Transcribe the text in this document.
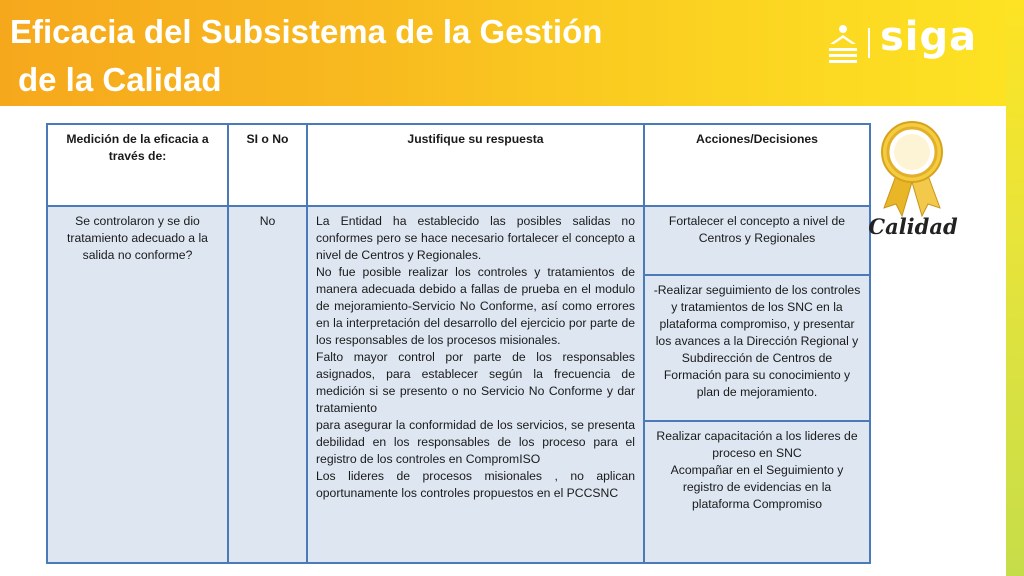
Eficacia del Subsistema de la Gestión
de la Calidad
siga
Medición de la eficacia a través de:	SI o No	Justifique su respuesta	Acciones/Decisiones
Se controlaron y se dio tratamiento adecuado a la salida no conforme?	No	La Entidad ha establecido las posibles salidas no conformes pero se hace necesario fortalecer el concepto a nivel de Centros y Regionales.
No fue posible realizar los controles y tratamientos de manera adecuada debido a fallas de prueba en el modulo de mejoramiento-Servicio No Conforme, así como errores en la interpretación del desarrollo del ejercicio por parte de los responsables de los procesos misionales.
Falto mayor control por parte de los responsables asignados, para establecer según la frecuencia de medición si se presento o no Servicio No Conforme y dar tratamiento
para asegurar la conformidad de los servicios, se presenta debilidad en los responsables de los proceso para el registro de los controles en CompromISO
Los lideres de procesos misionales , no aplican oportunamente los controles propuestos en el PCCSNC	Fortalecer el concepto a nivel de Centros y Regionales
			-Realizar seguimiento de los controles y tratamientos de los SNC en la plataforma compromiso, y presentar los avances a la Dirección Regional y Subdirección de Centros de Formación para su conocimiento y plan de mejoramiento.
			Realizar capacitación a los lideres de proceso en SNC
Acompañar en el Seguimiento y registro de evidencias en la plataforma Compromiso
Calidad
